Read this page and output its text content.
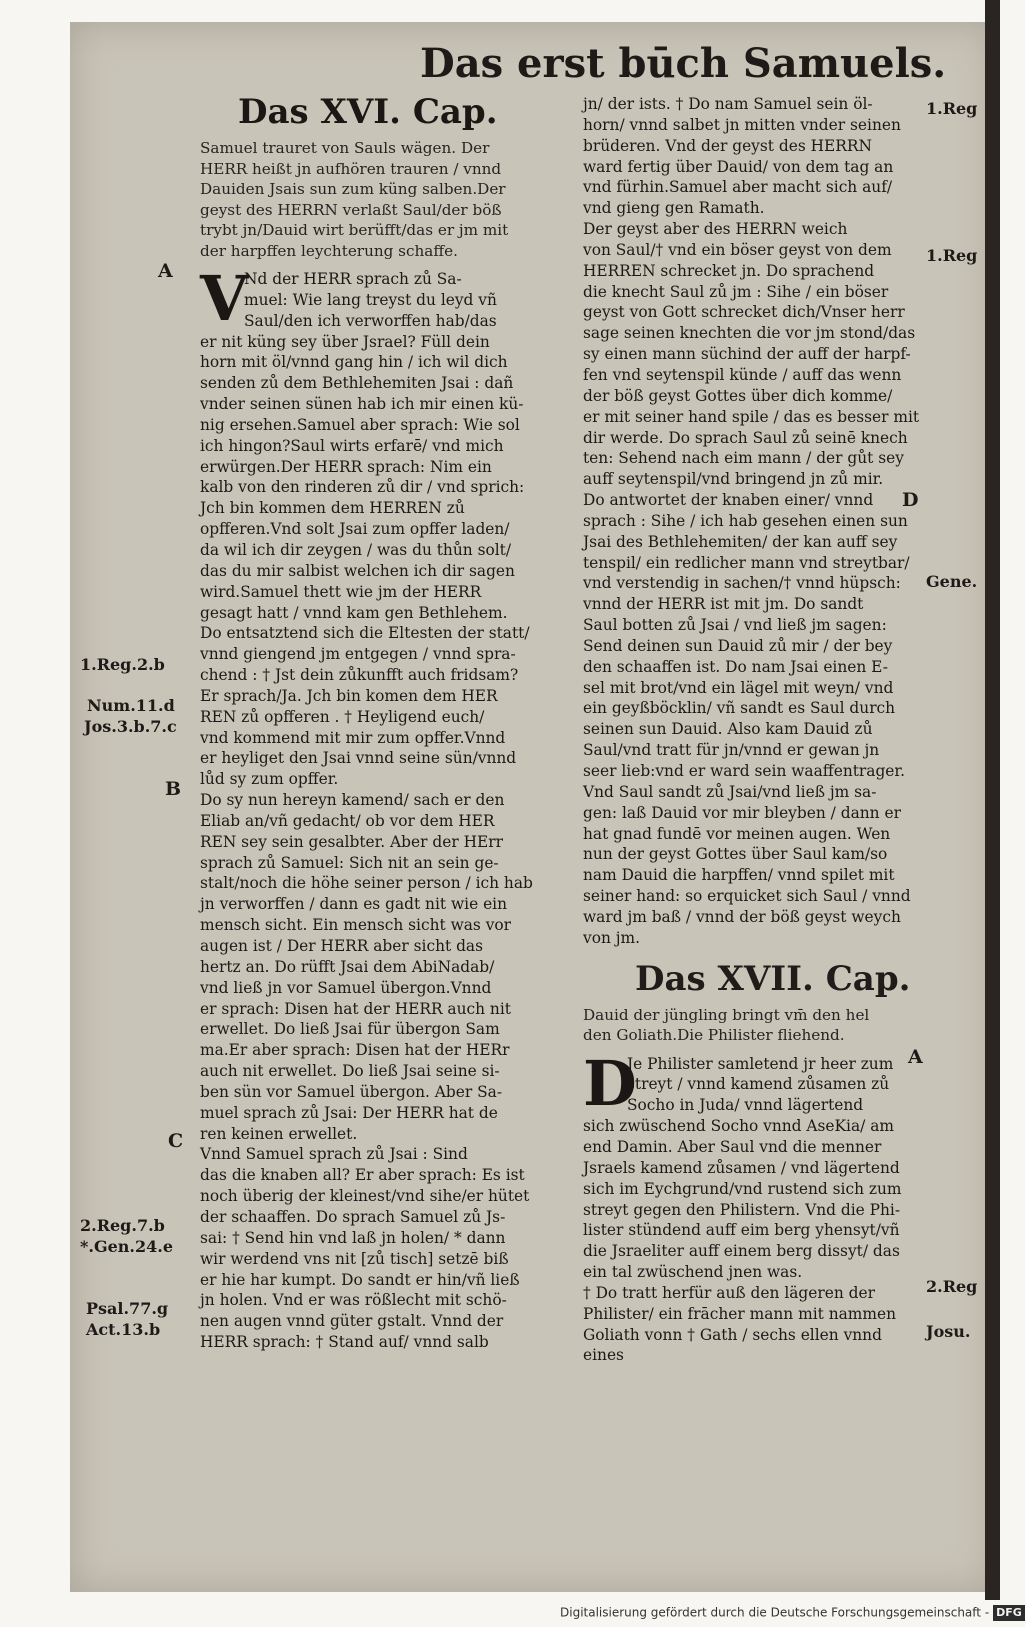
Das erst būch Samuels.
Das XVI. Cap.
Samuel trauret von Sauls wägen. Der
HERR heißt jn aufhören trauren / vnnd
Dauiden Jsais sun zum küng salben.Der
geyst des HERRN verlaßt Saul/der böß
trybt jn/Dauid wirt berüfft/das er jm mit
der harpffen leychterung schaffe.
V
Nd der HERR sprach zů Sa-
muel: Wie lang treyst du leyd vñ
Saul/den ich verworffen hab/das
er nit küng sey über Jsrael? Füll dein
horn mit öl/vnnd gang hin / ich wil dich
senden zů dem Bethlehemiten Jsai : dañ
vnder seinen sünen hab ich mir einen kü-
nig ersehen.Samuel aber sprach: Wie sol
ich hingon?Saul wirts erfarē/ vnd mich
erwürgen.Der HERR sprach: Nim ein
kalb von den rinderen zů dir / vnd sprich:
Jch bin kommen dem HERREN zů
opfferen.Vnd solt Jsai zum opffer laden/
da wil ich dir zeygen / was du thůn solt/
das du mir salbist welchen ich dir sagen
wird.Samuel thett wie jm der HERR
gesagt hatt / vnnd kam gen Bethlehem.
Do entsatztend sich die Eltesten der statt/
vnnd giengend jm entgegen / vnnd spra-
chend : † Jst dein zůkunfft auch fridsam?
Er sprach/Ja. Jch bin komen dem HER
REN zů opfferen . † Heyligend euch/
vnd kommend mit mir zum opffer.Vnnd
er heyliget den Jsai vnnd seine sün/vnnd
lůd sy zum opffer.
Do sy nun hereyn kamend/ sach er den
Eliab an/vñ gedacht/ ob vor dem HER
REN sey sein gesalbter. Aber der HErr
sprach zů Samuel: Sich nit an sein ge-
stalt/noch die höhe seiner person / ich hab
jn verworffen / dann es gadt nit wie ein
mensch sicht. Ein mensch sicht was vor
augen ist / Der HERR aber sicht das
hertz an. Do rüfft Jsai dem AbiNadab/
vnd ließ jn vor Samuel übergon.Vnnd
er sprach: Disen hat der HERR auch nit
erwellet. Do ließ Jsai für übergon Sam
ma.Er aber sprach: Disen hat der HERr
auch nit erwellet. Do ließ Jsai seine si-
ben sün vor Samuel übergon. Aber Sa-
muel sprach zů Jsai: Der HERR hat de
ren keinen erwellet.
Vnnd Samuel sprach zů Jsai : Sind
das die knaben all? Er aber sprach: Es ist
noch überig der kleinest/vnd sihe/er hütet
der schaaffen. Do sprach Samuel zů Js-
sai: † Send hin vnd laß jn holen/ * dann
wir werdend vns nit [zů tisch] setzē biß
er hie har kumpt. Do sandt er hin/vñ ließ
jn holen. Vnd er was rößlecht mit schö-
nen augen vnnd güter gstalt. Vnnd der
HERR sprach: † Stand auf/ vnnd salb
jn/ der ists. † Do nam Samuel sein öl-
horn/ vnnd salbet jn mitten vnder seinen
brüderen. Vnd der geyst des HERRN
ward fertig über Dauid/ von dem tag an
vnd fürhin.Samuel aber macht sich auf/
vnd gieng gen Ramath.
Der geyst aber des HERRN weich
von Saul/† vnd ein böser geyst von dem
HERREN schrecket jn. Do sprachend
die knecht Saul zů jm : Sihe / ein böser
geyst von Gott schrecket dich/Vnser herr
sage seinen knechten die vor jm stond/das
sy einen mann süchind der auff der harpf-
fen vnd seytenspil künde / auff das wenn
der böß geyst Gottes über dich komme/
er mit seiner hand spile / das es besser mit
dir werde. Do sprach Saul zů seinē knech
ten: Sehend nach eim mann / der gůt sey
auff seytenspil/vnd bringend jn zů mir.
Do antwortet der knaben einer/ vnnd
sprach : Sihe / ich hab gesehen einen sun
Jsai des Bethlehemiten/ der kan auff sey
tenspil/ ein redlicher mann vnd streytbar/
vnd verstendig in sachen/† vnnd hüpsch:
vnnd der HERR ist mit jm. Do sandt
Saul botten zů Jsai / vnd ließ jm sagen:
Send deinen sun Dauid zů mir / der bey
den schaaffen ist. Do nam Jsai einen E-
sel mit brot/vnd ein lägel mit weyn/ vnd
ein geyßböcklin/ vñ sandt es Saul durch
seinen sun Dauid. Also kam Dauid zů
Saul/vnd tratt für jn/vnnd er gewan jn
seer lieb:vnd er ward sein waaffentrager.
Vnd Saul sandt zů Jsai/vnd ließ jm sa-
gen: laß Dauid vor mir bleyben / dann er
hat gnad fundē vor meinen augen. Wen
nun der geyst Gottes über Saul kam/so
nam Dauid die harpffen/ vnnd spilet mit
seiner hand: so erquicket sich Saul / vnnd
ward jm baß / vnnd der böß geyst weych
von jm.
Das XVII. Cap.
Dauid der jüngling bringt vm̄ den hel
den Goliath.Die Philister fliehend.
D
Je Philister samletend jr heer zum
streyt / vnnd kamend zůsamen zů
Socho in Juda/ vnnd lägertend
sich zwüschend Socho vnnd AseKia/ am
end Damin. Aber Saul vnd die menner
Jsraels kamend zůsamen / vnd lägertend
sich im Eychgrund/vnd rustend sich zum
streyt gegen den Philistern. Vnd die Phi-
lister stündend auff eim berg yhensyt/vñ
die Jsraeliter auff einem berg dissyt/ das
ein tal zwüschend jnen was.
† Do tratt herfür auß den lägeren der
Philister/ ein frācher mann mit nammen
Goliath vonn † Gath / sechs ellen vnnd
eines
A
B
C
D
A
1.Reg.2.b
Num.11.d
Jos.3.b.7.c
2.Reg.7.b
*.Gen.24.e
Psal.77.g
Act.13.b
1.Reg
1.Reg
Gene.
2.Reg
Josu.
Digitalisierung gefördert durch die Deutsche Forschungsgemeinschaft - DFG
